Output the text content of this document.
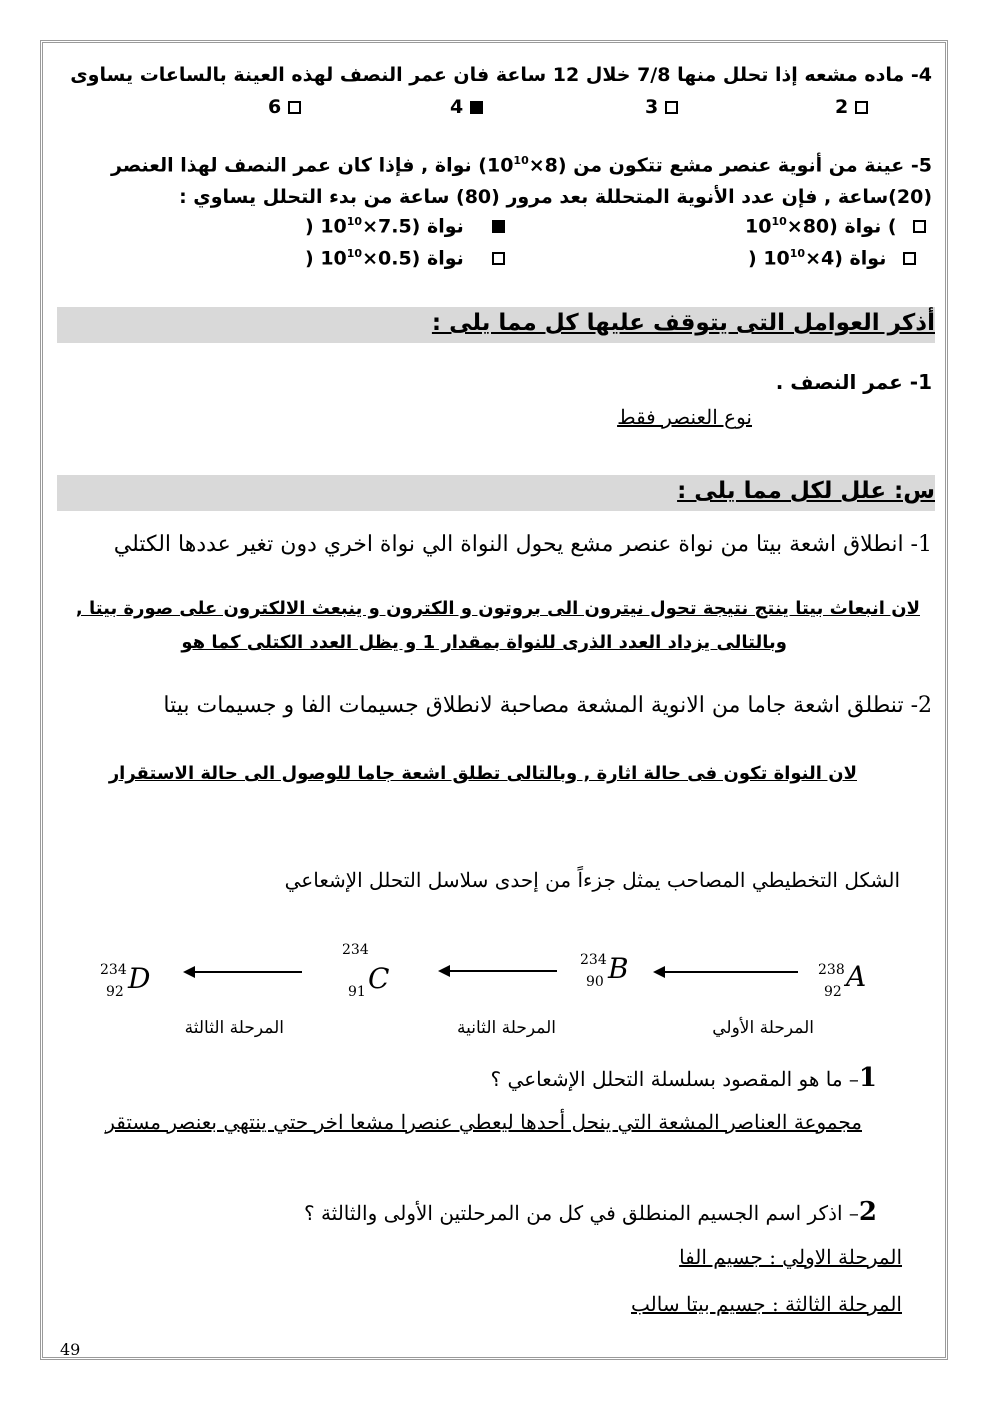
4- ماده مشعه إذا تحلل منها 7/8 خلال 12 ساعة فان عمر النصف لهذه العينة بالساعات يساوى
2
3
4
6
5- عينة من أنوية عنصر مشع تتكون من $(8\times 10^{10})$ نواة , فإذا كان عمر النصف لهذا العنصر
(20)ساعة , فإن عدد الأنوية المتحللة بعد مرور (80) ساعة من بدء التحلل يساوي :
) نواة ($80\times 10^{10}$
) نواة ($7.5\times 10^{10}$
) نواة ($4\times 10^{10}$
) نواة ($0.5\times 10^{10}$
أذكر العوامل التى يتوقف عليها كل مما يلى :
1- عمر النصف .
نوع العنصر فقط
س: علل لكل مما يلى :
1- انطلاق اشعة بيتا من نواة عنصر مشع يحول النواة الي نواة اخري دون تغير عددها الكتلي
لان انبعاث بيتا ينتج نتيجة تحول نيترون الى بروتون و الكترون و ينبعث الالكترون على صورة بيتا ,
وبالتالى يزداد العدد الذرى للنواة بمقدار 1 و يظل العدد الكتلى كما هو
2- تنطلق اشعة جاما من الانوية المشعة مصاحبة لانطلاق جسيمات الفا و جسيمات بيتا
لان النواة تكون فى حالة اثارة , وبالتالى تطلق اشعة جاما للوصول الى حالة الاستقرار
الشكل التخطيطي المصاحب يمثل جزءاً من إحدى سلاسل التحلل الإشعاعي
238
92 A
234
90 B
234
91 C
234
92 D
المرحلة الأولي
المرحلة الثانية
المرحلة الثالثة
1– ما هو المقصود بسلسلة التحلل الإشعاعي ؟
مجموعة العناصر المشعة التي ينحل أحدها ليعطي عنصرا مشعا اخر حتي ينتهي بعنصر مستقر
2– اذكر اسم الجسيم المنطلق في كل من المرحلتين الأولى والثالثة ؟
المرحلة الاولي : جسيم الفا
المرحلة الثالثة : جسيم بيتا سالب
49
